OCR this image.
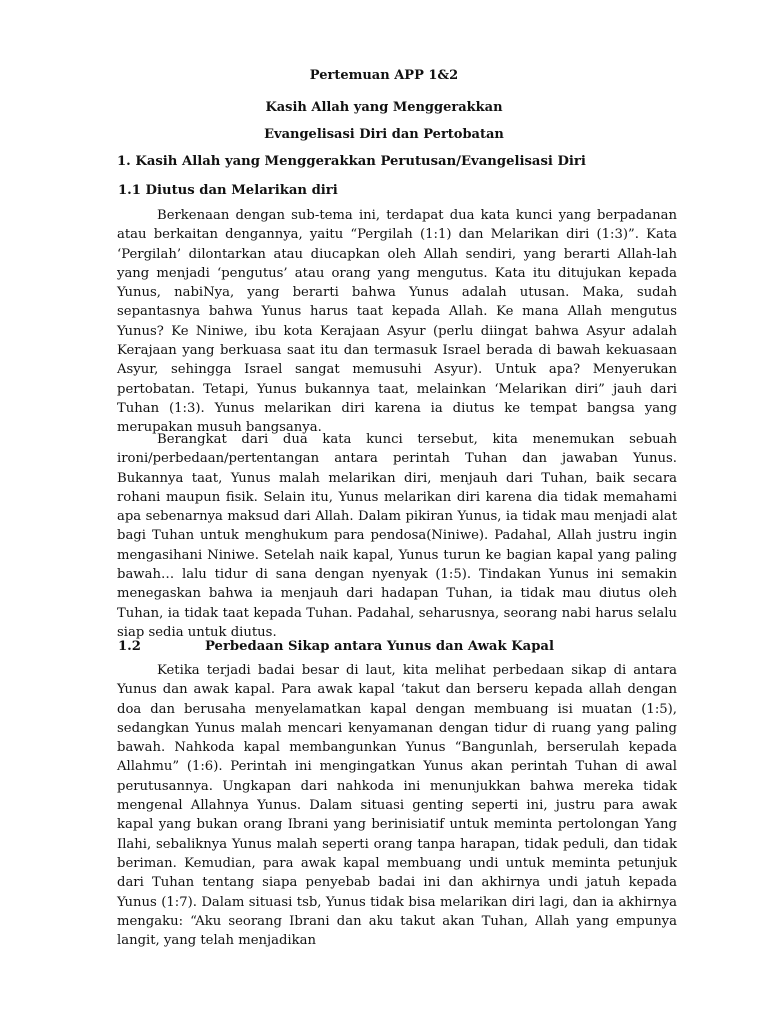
Pertemuan APP 1&2
Kasih Allah yang Menggerakkan
Evangelisasi Diri dan Pertobatan
1. Kasih Allah yang Menggerakkan Perutusan/Evangelisasi Diri
1.1 Diutus dan Melarikan diri

Berkenaan dengan sub-tema ini, terdapat dua kata kunci yang berpadanan atau berkaitan dengannya, yaitu “Pergilah (1:1) dan Melarikan diri (1:3)”. Kata ‘Pergilah’ dilontarkan atau diucapkan oleh Allah sendiri, yang berarti Allah-lah yang menjadi ‘pengutus’ atau orang yang mengutus. Kata itu ditujukan kepada Yunus, nabiNya, yang berarti bahwa Yunus adalah utusan. Maka, sudah sepantasnya bahwa Yunus harus taat kepada Allah. Ke mana Allah mengutus Yunus? Ke Niniwe, ibu kota Kerajaan Asyur (perlu diingat bahwa Asyur adalah Kerajaan yang berkuasa saat itu dan termasuk Israel berada di bawah kekuasaan Asyur, sehingga Israel sangat memusuhi Asyur). Untuk apa? Menyerukan pertobatan. Tetapi, Yunus bukannya taat, melainkan ‘Melarikan diri” jauh dari Tuhan (1:3). Yunus melarikan diri karena ia diutus ke tempat bangsa yang merupakan musuh bangsanya.

Berangkat dari dua kata kunci tersebut, kita menemukan sebuah ironi/perbedaan/pertentangan antara perintah Tuhan dan jawaban Yunus. Bukannya taat, Yunus malah melarikan diri, menjauh dari Tuhan, baik secara rohani maupun fisik. Selain itu, Yunus melarikan diri karena dia tidak memahami apa sebenarnya maksud dari Allah. Dalam pikiran Yunus, ia tidak mau menjadi alat bagi Tuhan untuk menghukum para pendosa(Niniwe). Padahal, Allah justru ingin mengasihani Niniwe. Setelah naik kapal, Yunus turun ke bagian kapal yang paling bawah… lalu tidur di sana dengan nyenyak (1:5). Tindakan Yunus ini semakin menegaskan bahwa ia menjauh dari hadapan Tuhan, ia tidak mau diutus oleh Tuhan, ia tidak taat kepada Tuhan. Padahal, seharusnya, seorang nabi harus selalu siap sedia untuk diutus.

1.2	Perbedaan Sikap antara Yunus dan Awak Kapal

Ketika terjadi badai besar di laut, kita melihat perbedaan sikap di antara Yunus dan awak kapal. Para awak kapal ‘takut dan berseru kepada allah dengan doa dan berusaha menyelamatkan kapal dengan membuang isi muatan (1:5), sedangkan Yunus malah mencari kenyamanan dengan tidur di ruang yang paling bawah. Nahkoda kapal membangunkan Yunus “Bangunlah, berserulah kepada Allahmu” (1:6). Perintah ini mengingatkan Yunus akan perintah Tuhan di awal perutusannya. Ungkapan dari nahkoda ini menunjukkan bahwa mereka tidak mengenal Allahnya Yunus. Dalam situasi genting seperti ini, justru para awak kapal yang bukan orang Ibrani yang berinisiatif untuk meminta pertolongan Yang Ilahi, sebaliknya Yunus malah seperti orang tanpa harapan, tidak peduli, dan tidak beriman. Kemudian, para awak kapal membuang undi untuk meminta petunjuk dari Tuhan tentang siapa penyebab badai ini dan akhirnya undi jatuh kepada Yunus (1:7). Dalam situasi tsb, Yunus tidak bisa melarikan diri lagi, dan ia akhirnya mengaku: “Aku seorang Ibrani dan aku takut akan Tuhan, Allah yang empunya langit, yang telah menjadikan
